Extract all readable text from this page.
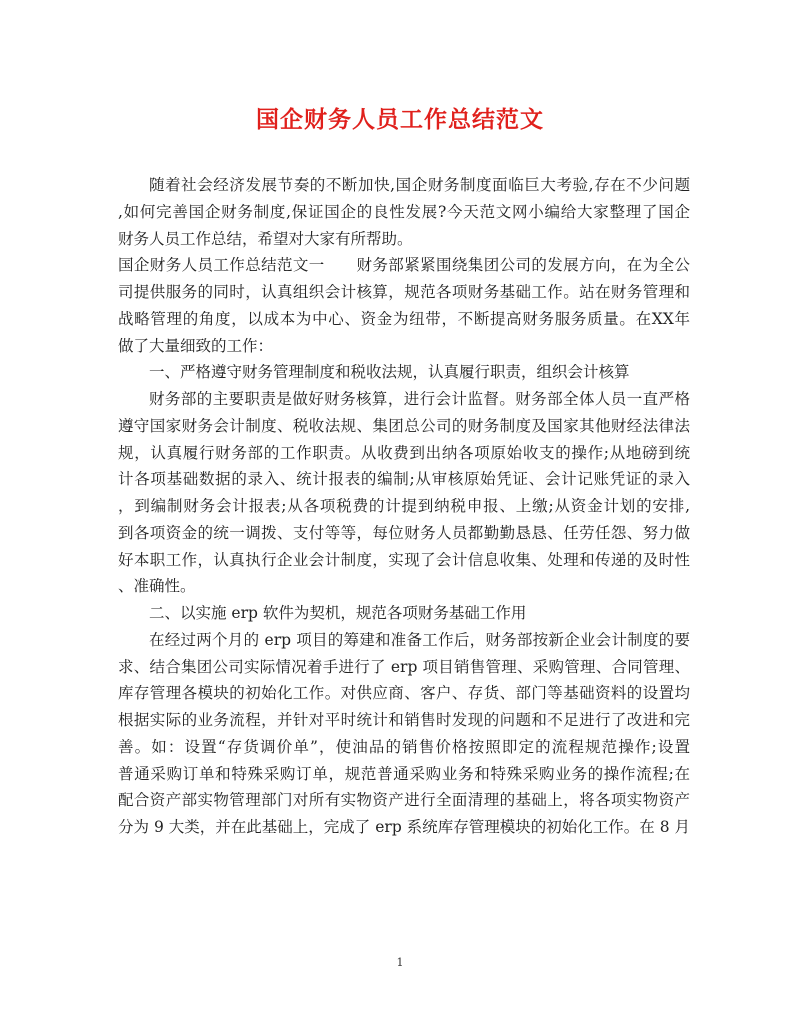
国企财务人员工作总结范文
随着社会经济发展节奏的不断加快,国企财务制度面临巨大考验,存在不少问题
,如何完善国企财务制度,保证国企的良性发展?今天范文网小编给大家整理了国企
财务人员工作总结，希望对大家有所帮助。
国企财务人员工作总结范文一　　财务部紧紧围绕集团公司的发展方向，在为全公
司提供服务的同时，认真组织会计核算，规范各项财务基础工作。站在财务管理和
战略管理的角度，以成本为中心、资金为纽带，不断提高财务服务质量。在XX年
做了大量细致的工作：
一、严格遵守财务管理制度和税收法规，认真履行职责，组织会计核算
财务部的主要职责是做好财务核算，进行会计监督。财务部全体人员一直严格
遵守国家财务会计制度、税收法规、集团总公司的财务制度及国家其他财经法律法
规，认真履行财务部的工作职责。从收费到出纳各项原始收支的操作;从地磅到统
计各项基础数据的录入、统计报表的编制;从审核原始凭证、会计记账凭证的录入
，到编制财务会计报表;从各项税费的计提到纳税申报、上缴;从资金计划的安排,
到各项资金的统一调拨、支付等等，每位财务人员都勤勤恳恳、任劳任怨、努力做
好本职工作，认真执行企业会计制度，实现了会计信息收集、处理和传递的及时性
、准确性。
二、以实施 erp 软件为契机，规范各项财务基础工作用
在经过两个月的 erp 项目的筹建和准备工作后，财务部按新企业会计制度的要
求、结合集团公司实际情况着手进行了 erp 项目销售管理、采购管理、合同管理、
库存管理各模块的初始化工作。对供应商、客户、存货、部门等基础资料的设置均
根据实际的业务流程，并针对平时统计和销售时发现的问题和不足进行了改进和完
善。如：设置“存货调价单”，使油品的销售价格按照即定的流程规范操作;设置
普通采购订单和特殊采购订单，规范普通采购业务和特殊采购业务的操作流程;在
配合资产部实物管理部门对所有实物资产进行全面清理的基础上，将各项实物资产
分为 9 大类，并在此基础上，完成了 erp 系统库存管理模块的初始化工作。在 8 月
1
